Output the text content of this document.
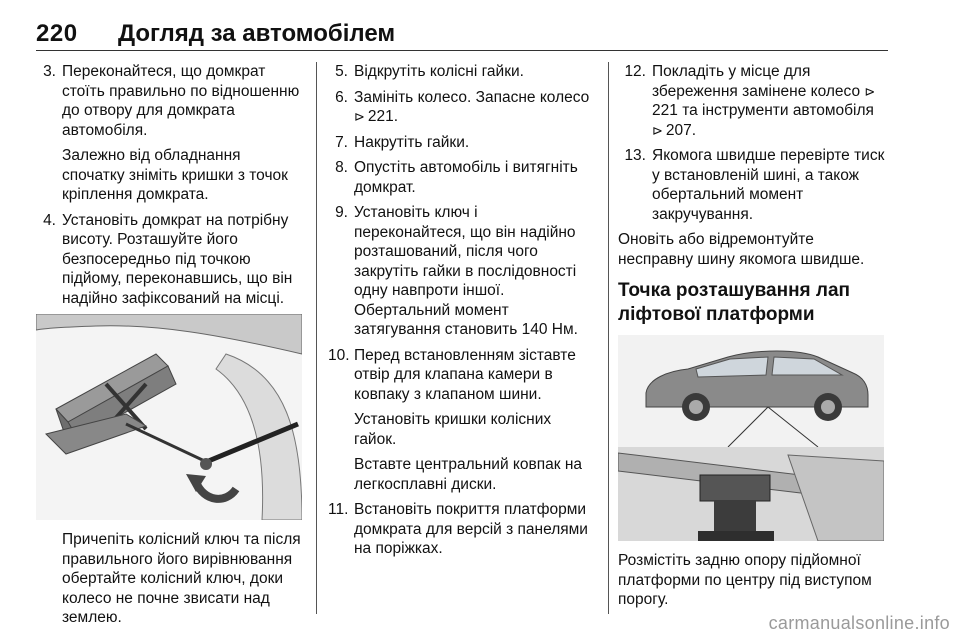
220 Догляд за автомобілем
3. Переконайтеся, що домкрат стоїть правильно по відношенню до отвору для домкрата автомобіля.
Залежно від обладнання спочатку зніміть кришки з точок кріплення домкрата.
4. Установіть домкрат на потрібну висоту. Розташуйте його безпосередньо під точкою підйому, переконавшись, що він надійно зафіксований на місці.
Причепіть колісний ключ та після правильного його вирівнювання обертайте колісний ключ, доки колесо не почне звисати над землею.
5. Відкрутіть колісні гайки.
6. Замініть колесо. Запасне колесо ⊳ 221.
7. Накрутіть гайки.
8. Опустіть автомобіль і витягніть домкрат.
9. Установіть ключ і переконайтеся, що він надійно розташований, після чого закрутіть гайки в послідовності одну навпроти іншої. Обертальний момент затягування становить 140 Нм.
10. Перед встановленням зіставте отвір для клапана камери в ковпаку з клапаном шини.
Установіть кришки колісних гайок.
Вставте центральний ковпак на легкосплавні диски.
11. Встановіть покриття платформи домкрата для версій з панелями на поріжках.
12. Покладіть у місце для збереження замінене колесо ⊳221 та інструменти автомобіля ⊳ 207.
13. Якомога швидше перевірте тиск у встановленій шині, а також обертальний момент закручування.
Оновіть або відремонтуйте несправну шину якомога швидше.
Точка розташування лап ліфтової платформи
Розмістіть задню опору підйомної платформи по центру під виступом порогу.
carmanualsonline.info
